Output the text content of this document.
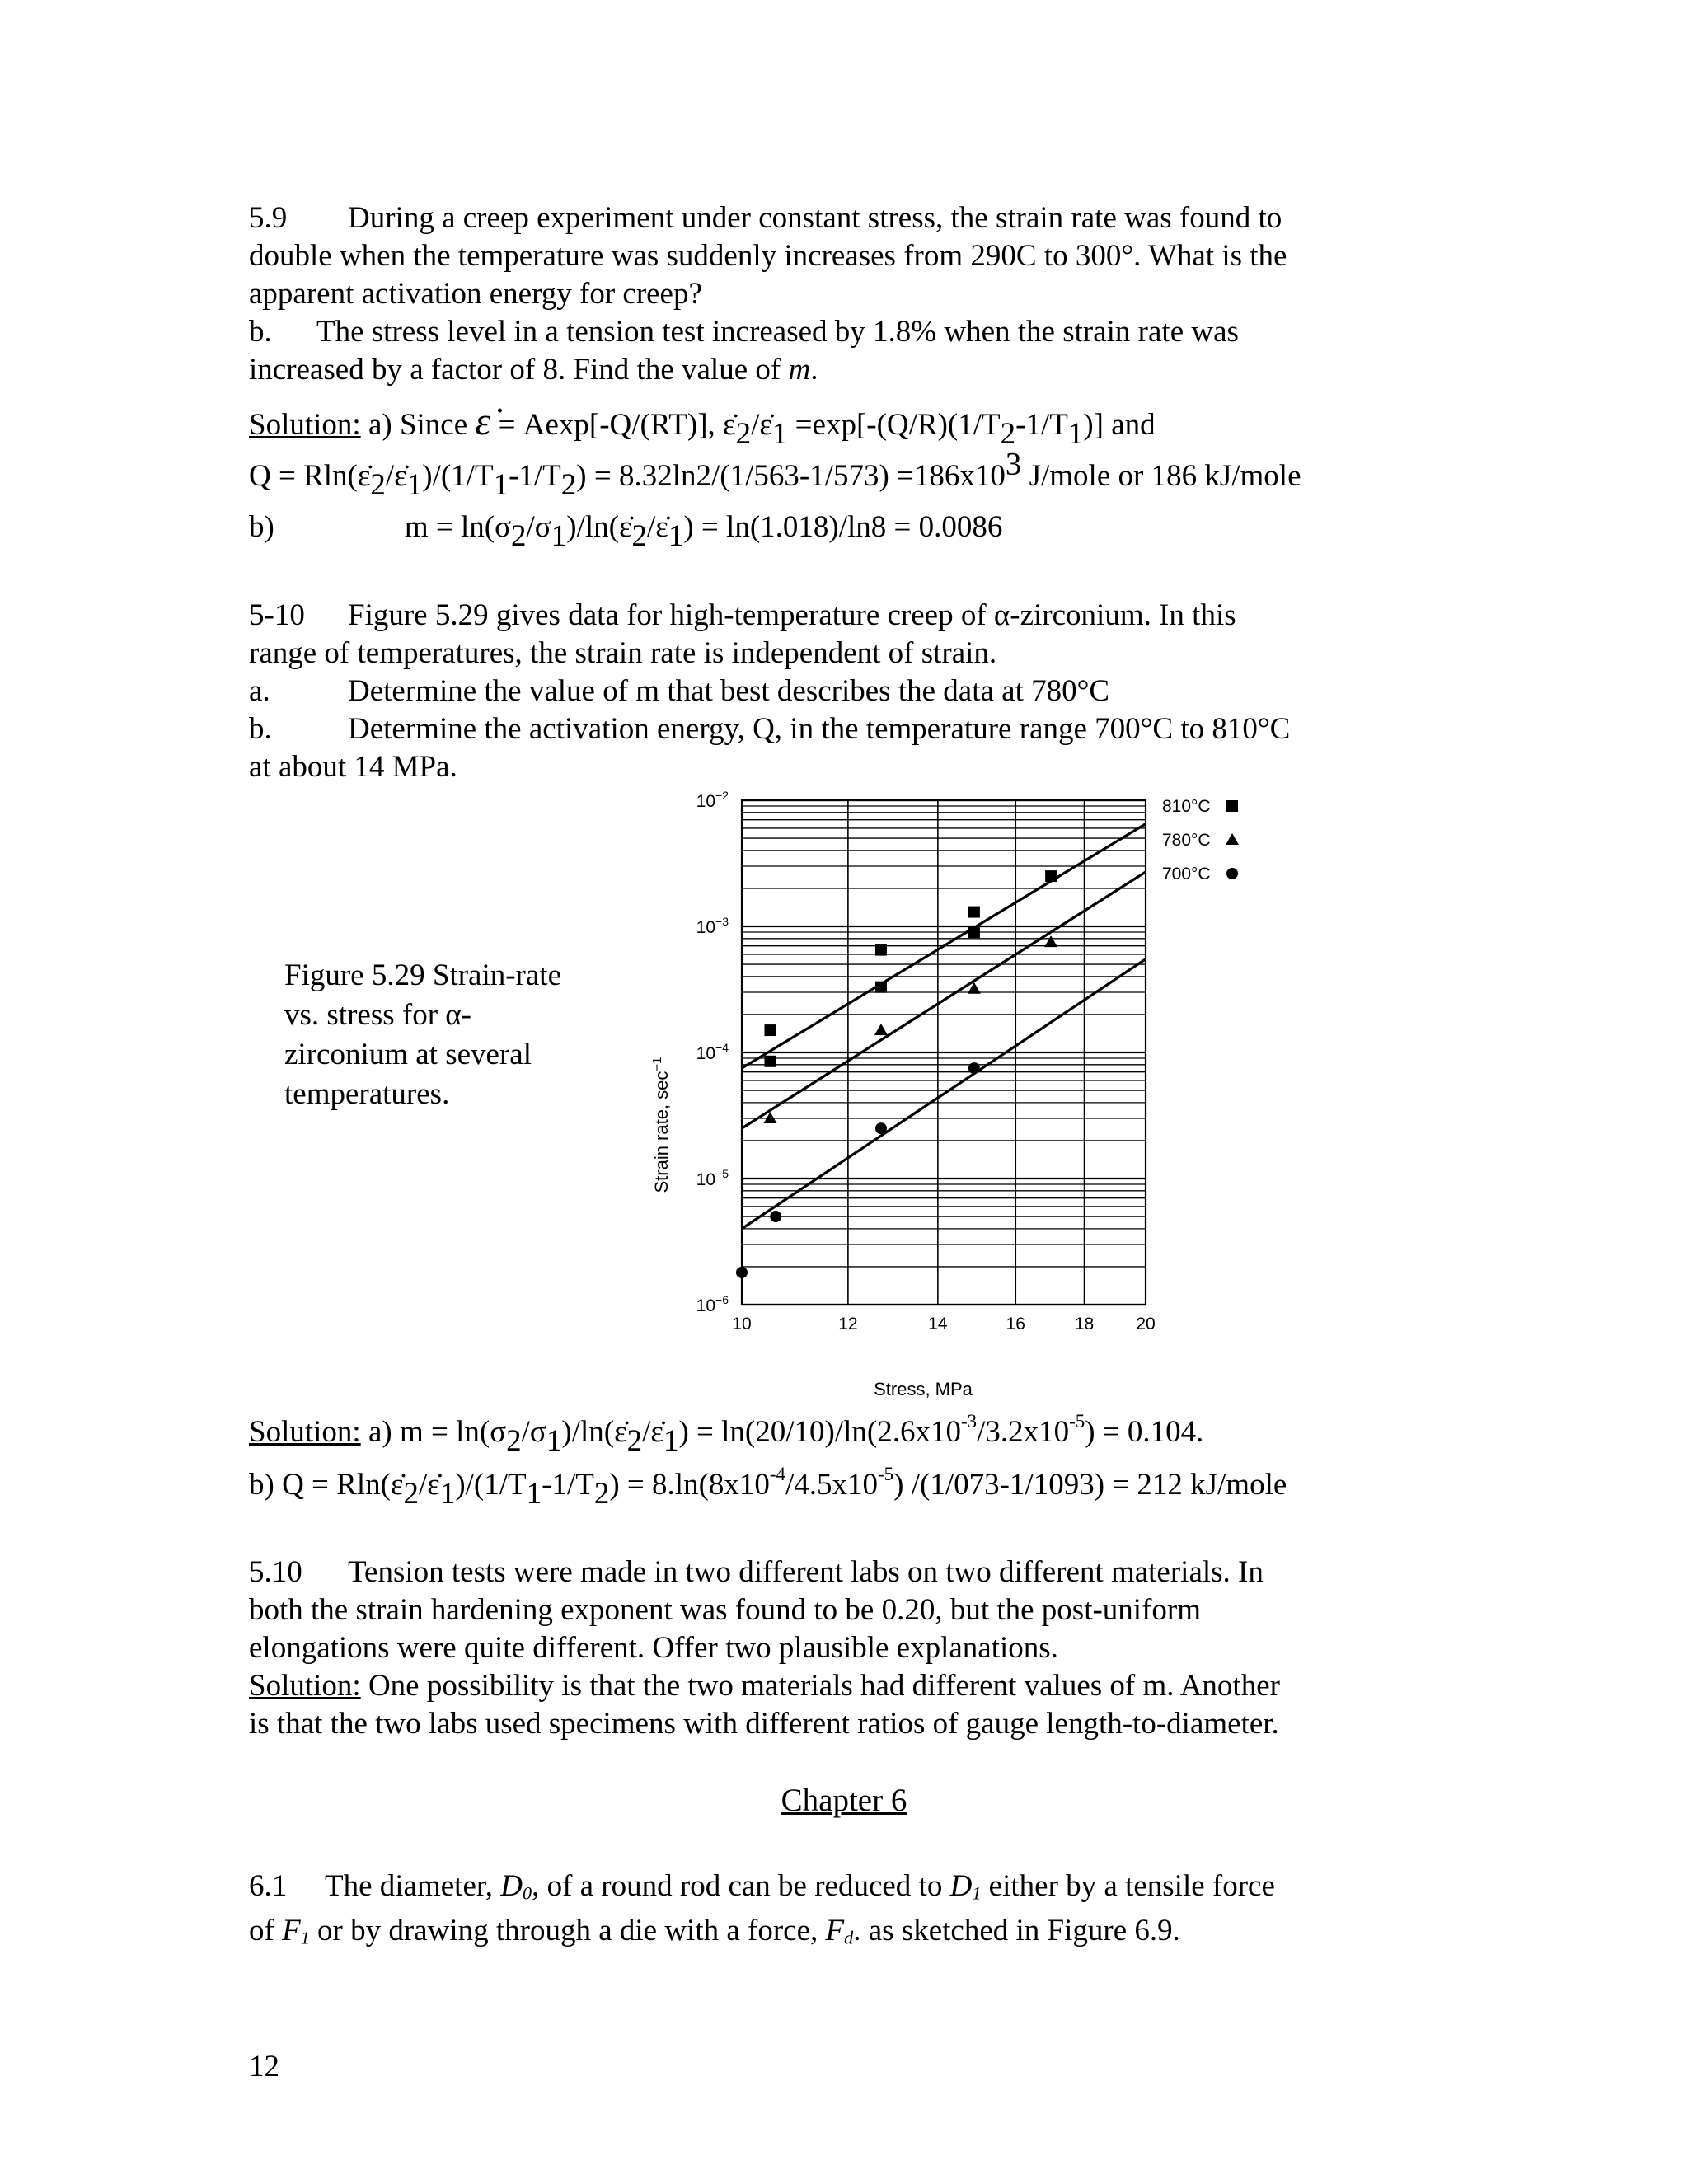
5.9 During a creep experiment under constant stress, the strain rate was found to
double when the temperature was suddenly increases from 290C to 300°. What is the
apparent activation energy for creep?
b. The stress level in a tension test increased by 1.8% when the strain rate was
increased by a factor of 8. Find the value of m.
Solution: a) Since ε̇ = Aexp[-Q/(RT)], $\varepsiloṅ_2/\varepsiloṅ_1 =\exp[-(Q/R)(1/T_2-1/T_1)]$ and
$Q = Rln(\varepsiloṅ_2/\varepsiloṅ_1)/(1/T_1-1/T_2) = 8.32\ln 2/(1/563-1/573) =186x10^3$ J/mole or 186 kJ/mole
b)	$m = \ln(\sigma_2/\sigma_1)/\ln(\varepsiloṅ_2/\varepsiloṅ_1) = \ln(1.018)/\ln 8 = 0.0086$
5-10 Figure 5.29 gives data for high-temperature creep of α-zirconium. In this
range of temperatures, the strain rate is independent of strain.
a.	Determine the value of m that best describes the data at 780°C
b. Determine the activation energy, Q, in the temperature range 700°C to 810°C
at about 14 MPa.
Figure 5.29 Strain-rate
vs. stress for α-
zirconium at several
temperatures.
10	12	14	16	18 20
$10^{-2}$
$10^{-3}$
$10^{-4}$
$10^{-5}$
$10^{-6}$
810°C
780°C
700°C
Strain rate, $\sec^{-1}$
Stress, MPa
Solution: a) $m = \ln(\sigma_2/\sigma_1)/\ln(\varepsiloṅ_2/\varepsiloṅ_1) = \ln(20/10)/\ln(2.6x10^{-3}/3.2x10^{-5}) = 0.104$.
b) $Q = Rln(\varepsiloṅ_2/\varepsiloṅ_1)/(1/T_1-1/T_2) = 8.\ln(8x10^{-4}/4.5x10^{-5}) /(1/073-1/1093) = 212$ kJ/mole
5.10 Tension tests were made in two different labs on two different materials. In
both the strain hardening exponent was found to be 0.20, but the post-uniform
elongations were quite different. Offer two plausible explanations.
Solution: One possibility is that the two materials had different values of m. Another
is that the two labs used specimens with different ratios of gauge length-to-diameter.
Chapter 6
6.1 The diameter, $D_0$, of a round rod can be reduced to $D_1$ either by a tensile force
of $F_1$ or by drawing through a die with a force, $F_d$. as sketched in Figure 6.9.
12
